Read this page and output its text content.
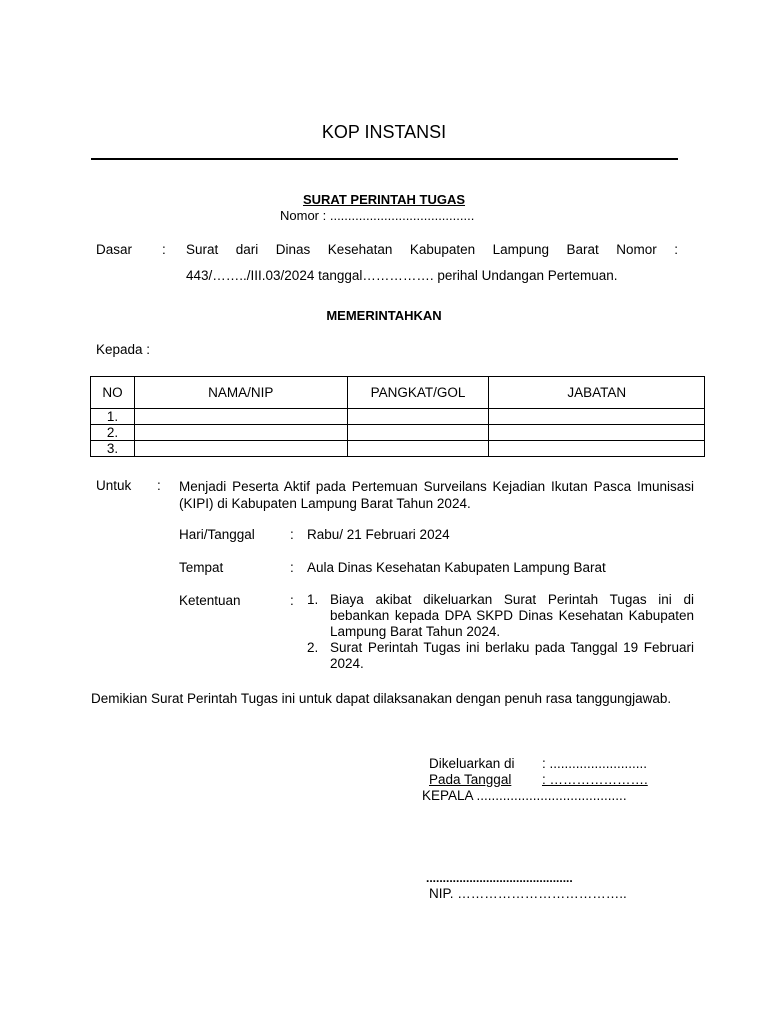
KOP INSTANSI
SURAT PERINTAH TUGAS
Nomor : ........................................
Dasar : Surat dari Dinas Kesehatan Kabupaten Lampung Barat Nomor :
443/……../III.03/2024 tanggal……………. perihal Undangan Pertemuan.
MEMERINTAHKAN
Kepada :
NO	NAMA/NIP	PANGKAT/GOL	JABATAN
1.			
2.			
3.			
Untuk : Menjadi Peserta Aktif pada Pertemuan Surveilans Kejadian Ikutan Pasca Imunisasi (KIPI) di Kabupaten Lampung Barat Tahun 2024.
Hari/Tanggal	: Rabu/ 21 Februari 2024
Tempat	: Aula Dinas Kesehatan Kabupaten Lampung Barat
Ketentuan	: 1. Biaya akibat dikeluarkan Surat Perintah Tugas ini di bebankan kepada DPA SKPD Dinas Kesehatan Kabupaten Lampung Barat Tahun 2024.
2. Surat Perintah Tugas ini berlaku pada Tanggal 19 Februari 2024.
Demikian Surat Perintah Tugas ini untuk dapat dilaksanakan dengan penuh rasa tanggungjawab.
Dikeluarkan di : ..........................
Pada Tanggal	: ………………….
KEPALA ........................................
............................................
NIP. ………………………………..
